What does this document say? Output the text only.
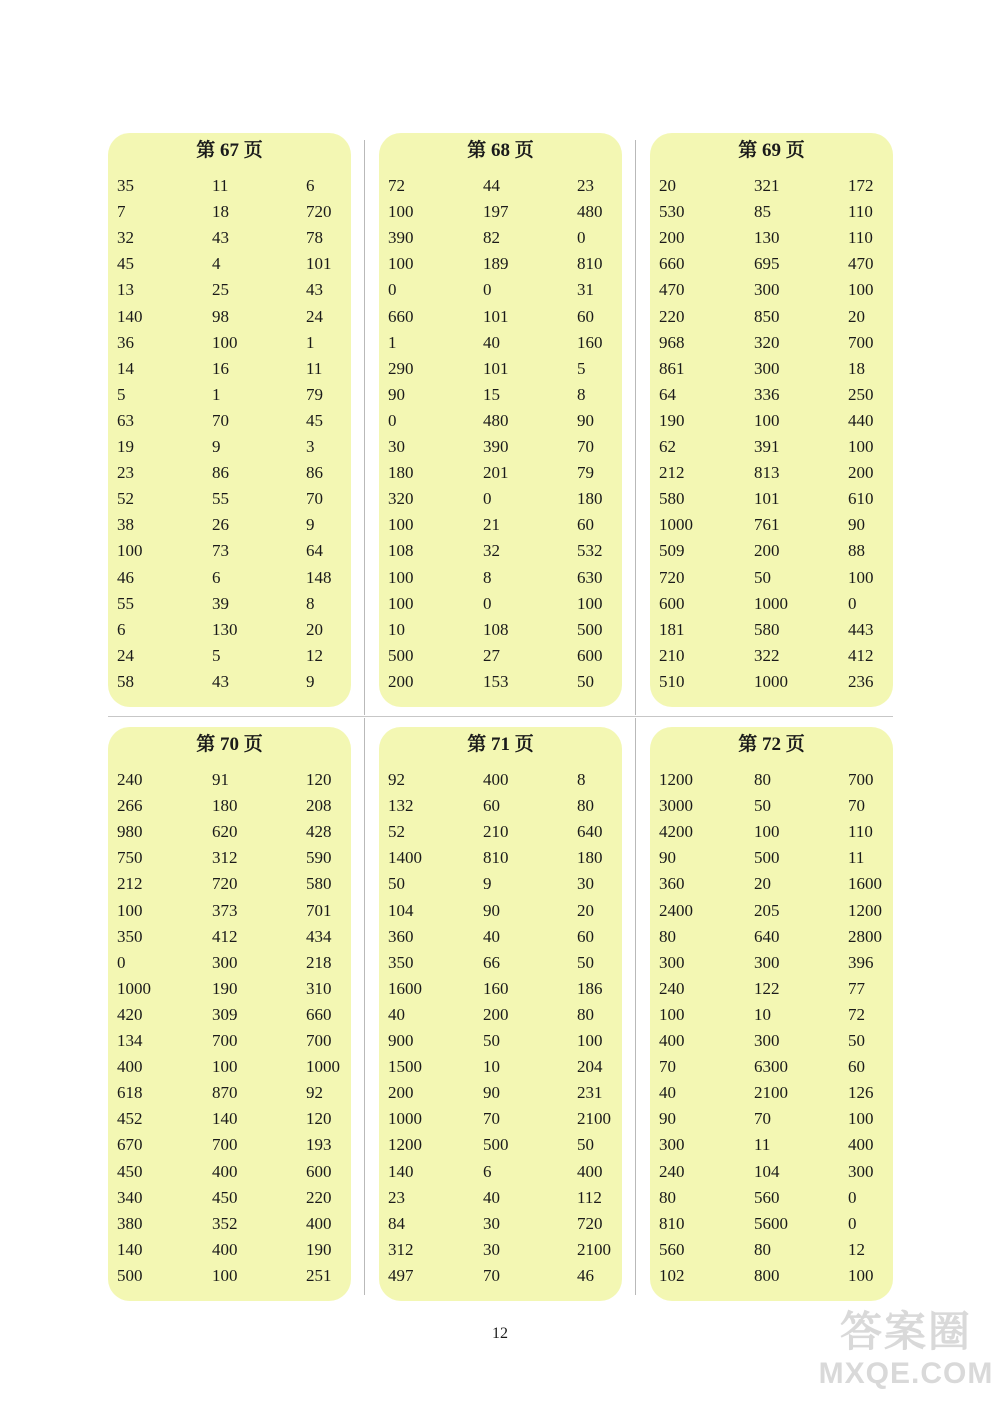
第 67 页
35	11	6
7	18	720
32	43	78
45	4	101
13	25	43
140	98	24
36	100	1
14	16	11
5	1	79
63	70	45
19	9	3
23	86	86
52	55	70
38	26	9
100	73	64
46	6	148
55	39	8
6	130	20
24	5	12
58	43	9
第 68 页
72	44	23
100	197	480
390	82	0
100	189	810
0	0	31
660	101	60
1	40	160
290	101	5
90	15	8
0	480	90
30	390	70
180	201	79
320	0	180
100	21	60
108	32	532
100	8	630
100	0	100
10	108	500
500	27	600
200	153	50
第 69 页
20	321	172
530	85	110
200	130	110
660	695	470
470	300	100
220	850	20
968	320	700
861	300	18
64	336	250
190	100	440
62	391	100
212	813	200
580	101	610
1000	761	90
509	200	88
720	50	100
600	1000	0
181	580	443
210	322	412
510	1000	236
第 70 页
240	91	120
266	180	208
980	620	428
750	312	590
212	720	580
100	373	701
350	412	434
0	300	218
1000	190	310
420	309	660
134	700	700
400	100	1000
618	870	92
452	140	120
670	700	193
450	400	600
340	450	220
380	352	400
140	400	190
500	100	251
第 71 页
92	400	8
132	60	80
52	210	640
1400	810	180
50	9	30
104	90	20
360	40	60
350	66	50
1600	160	186
40	200	80
900	50	100
1500	10	204
200	90	231
1000	70	2100
1200	500	50
140	6	400
23	40	112
84	30	720
312	30	2100
497	70	46
第 72 页
1200	80	700
3000	50	70
4200	100	110
90	500	11
360	20	1600
2400	205	1200
80	640	2800
300	300	396
240	122	77
100	10	72
400	300	50
70	6300	60
40	2100	126
90	70	100
300	11	400
240	104	300
80	560	0
810	5600	0
560	80	12
102	800	100
12	答案圈
MXQE.COM
